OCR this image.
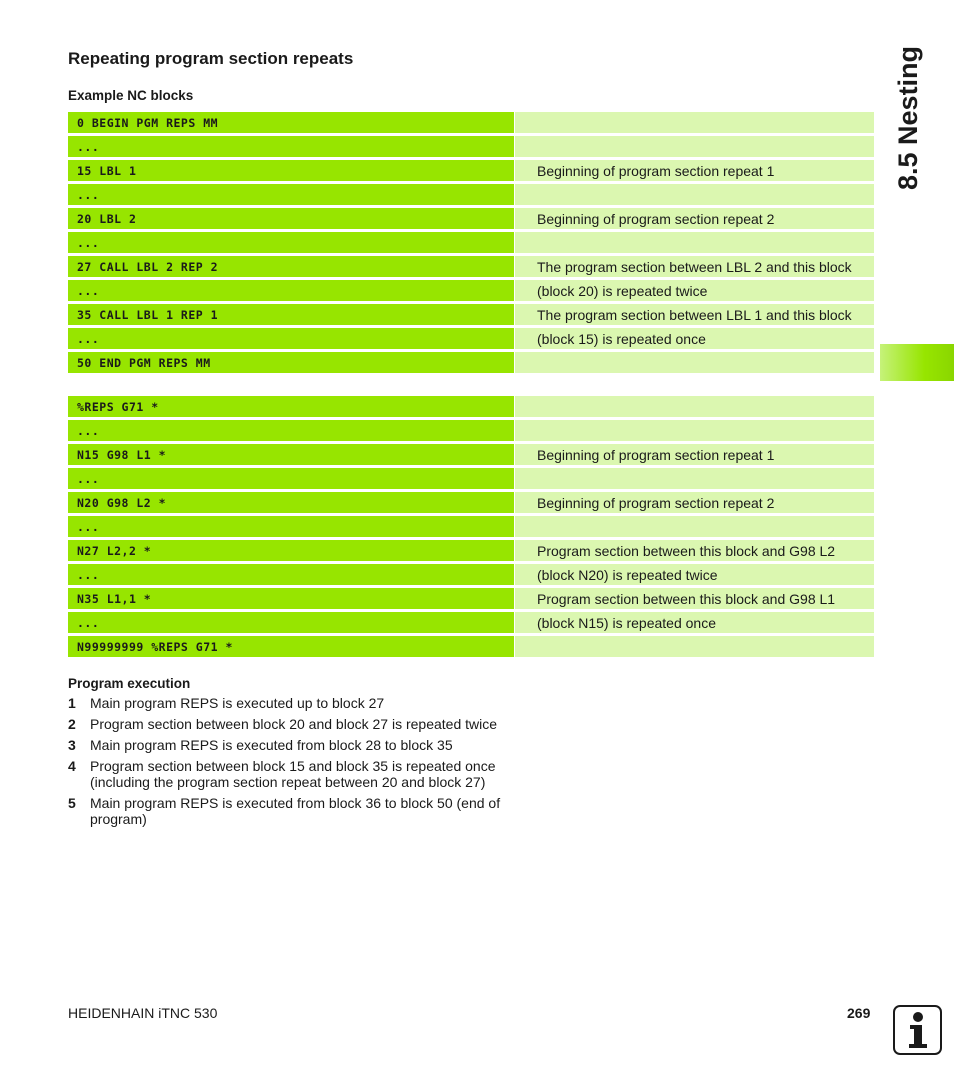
Repeating program section repeats
Example NC blocks
0 BEGIN PGM REPS MM		
...		
15 LBL 1		Beginning of program section repeat 1
...		
20 LBL 2		Beginning of program section repeat 2
...		
27 CALL LBL 2 REP 2		The program section between LBL 2 and this block
...		(block 20) is repeated twice
35 CALL LBL 1 REP 1		The program section between LBL 1 and this block
...		(block 15) is repeated once
50 END PGM REPS MM		
%REPS G71 *		
...		
N15 G98 L1 *		Beginning of program section repeat 1
...		
N20 G98 L2 *		Beginning of program section repeat 2
...		
N27 L2,2 *		Program section between this block and G98 L2
...		(block N20) is repeated twice
N35 L1,1 *		Program section between this block and G98 L1
...		(block N15) is repeated once
N99999999 %REPS G71 *		
Program execution
1	Main program REPS is executed up to block 27
2	Program section between block 20 and block 27 is repeated twice
3	Main program REPS is executed from block 28 to block 35
4	Program section between block 15 and block 35 is repeated once (including the program section repeat between 20 and block 27)
5	Main program REPS is executed from block 36 to block 50 (end of program)
8.5 Nesting
HEIDENHAIN iTNC 530	269
